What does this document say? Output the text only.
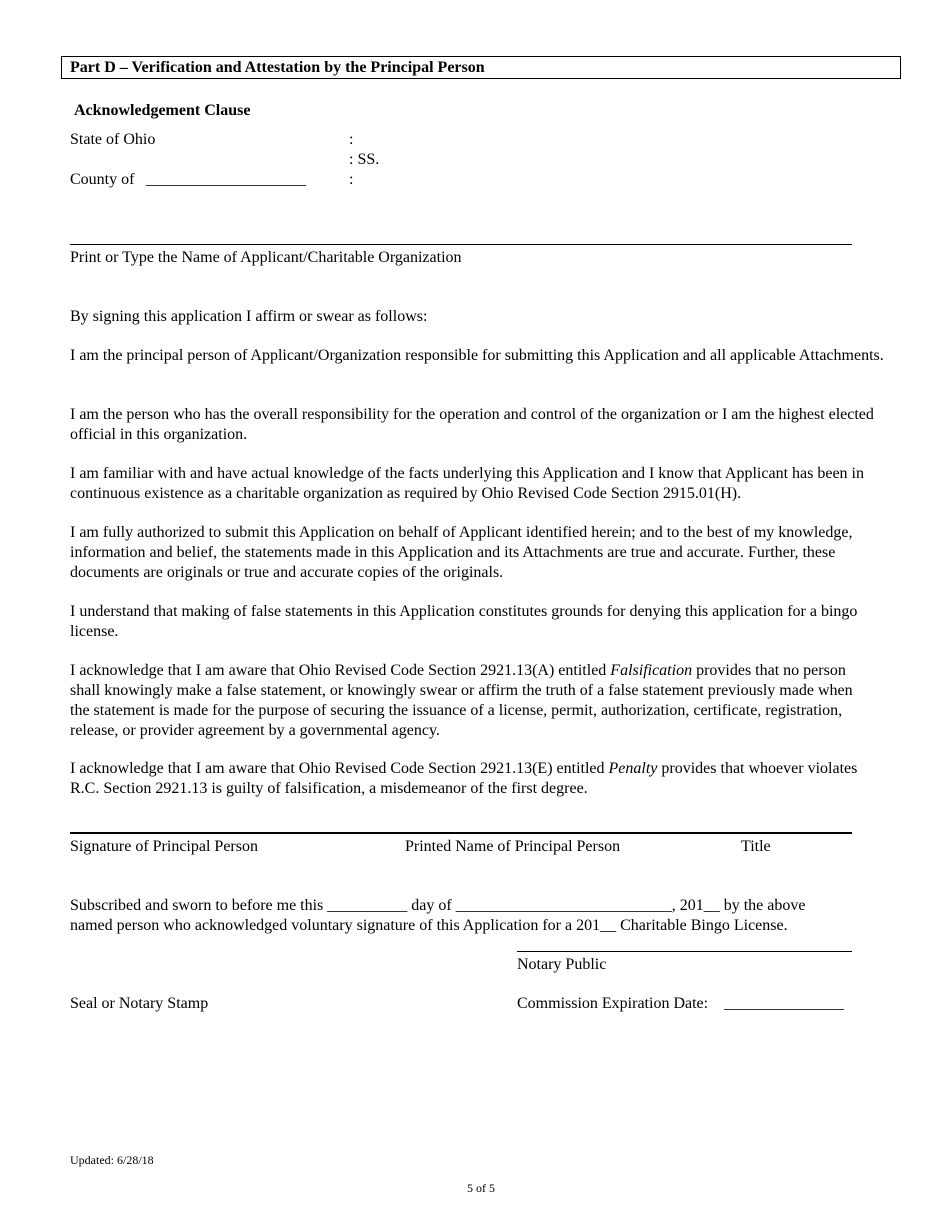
Part D – Verification and Attestation by the Principal Person
Acknowledgement Clause
State of Ohio	:
: SS.
County of ____________________	:
Print or Type the Name of Applicant/Charitable Organization
By signing this application I affirm or swear as follows:
I am the principal person of Applicant/Organization responsible for submitting this Application and all applicable Attachments.
I am the person who has the overall responsibility for the operation and control of the organization or I am the highest elected official in this organization.
I am familiar with and have actual knowledge of the facts underlying this Application and I know that Applicant has been in continuous existence as a charitable organization as required by Ohio Revised Code Section 2915.01(H).
I am fully authorized to submit this Application on behalf of Applicant identified herein; and to the best of my knowledge, information and belief, the statements made in this Application and its Attachments are true and accurate. Further, these documents are originals or true and accurate copies of the originals.
I understand that making of false statements in this Application constitutes grounds for denying this application for a bingo license.
I acknowledge that I am aware that Ohio Revised Code Section 2921.13(A) entitled Falsification provides that no person shall knowingly make a false statement, or knowingly swear or affirm the truth of a false statement previously made when the statement is made for the purpose of securing the issuance of a license, permit, authorization, certificate, registration, release, or provider agreement by a governmental agency.
I acknowledge that I am aware that Ohio Revised Code Section 2921.13(E) entitled Penalty provides that whoever violates R.C. Section 2921.13 is guilty of falsification, a misdemeanor of the first degree.
Signature of Principal Person	Printed Name of Principal Person	Title
Subscribed and sworn to before me this __________ day of ___________________________, 201__ by the above
named person who acknowledged voluntary signature of this Application for a 201__ Charitable Bingo License.
Notary Public
Seal or Notary Stamp	Commission Expiration Date: _______________
Updated: 6/28/18
5 of 5
